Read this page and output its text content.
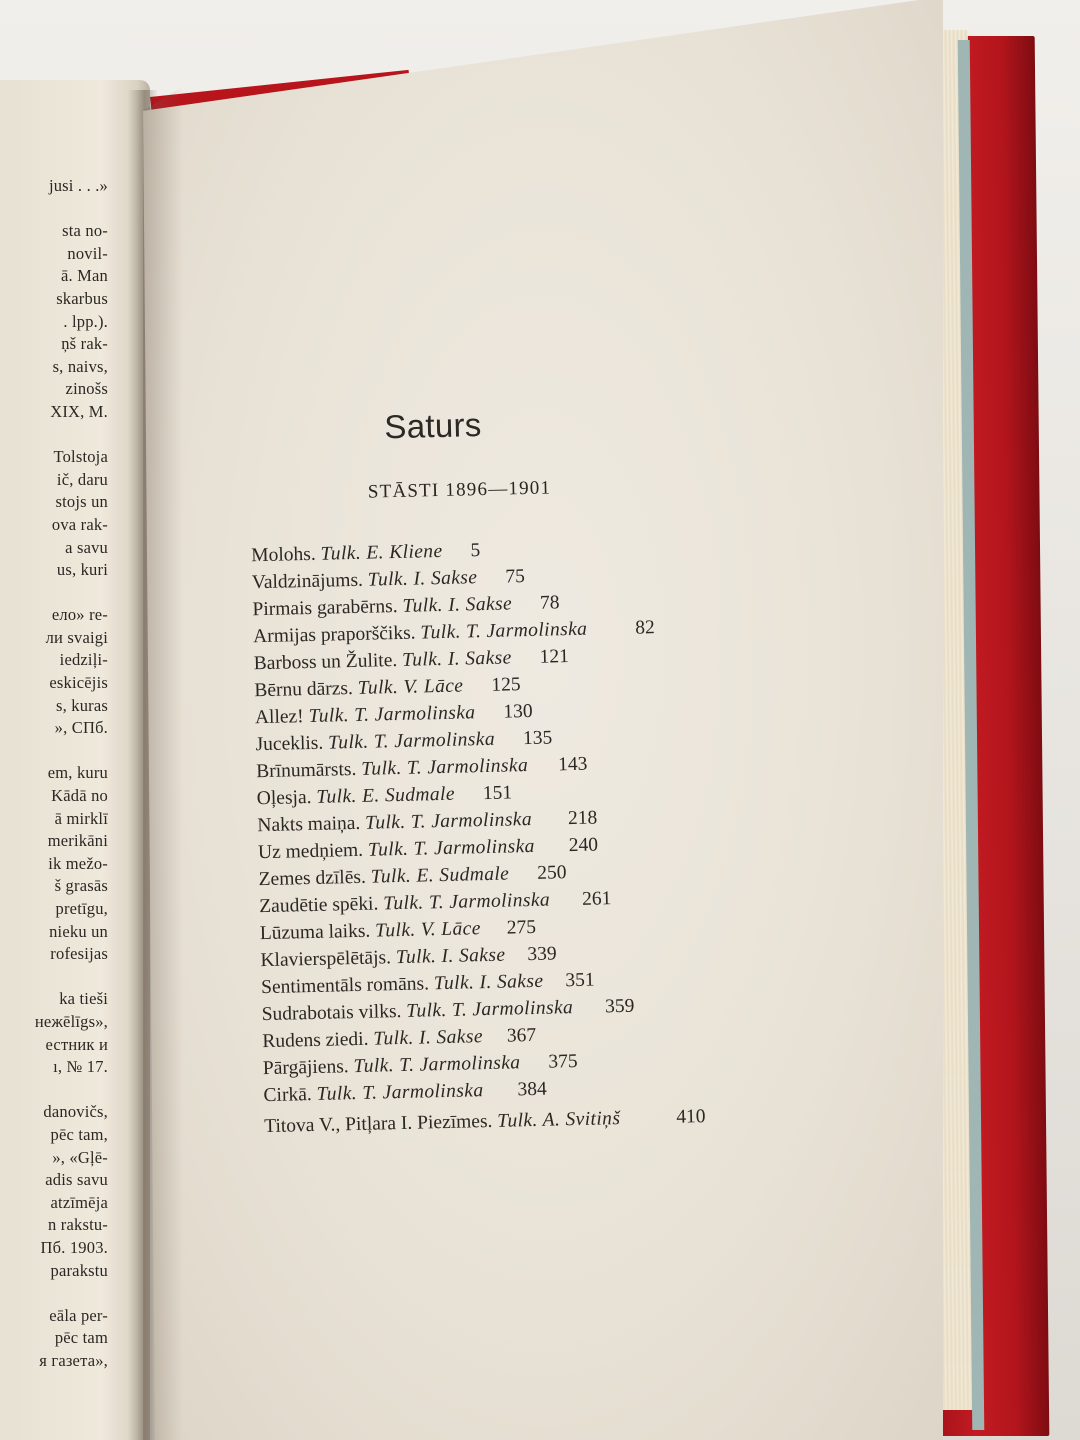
jusi . . .»

sta no-
novil-
ā. Man
skarbus
. lpp.).
ņš rak-
s, naivs,
zinošs
XIX, M.

Tolstoja
ič, daru
stojs un
ova rak-
a savu
us, kuri

ело» re-
ли svaigi
iedziļi-
eskicējis
s, kuras
», СПб.

em, kuru
Kādā no
ā mirklī
merikāni
ik mežo-
š grasās
pretīgu,
nieku un
rofesijas

ka tieši
нежēlīgs»,
естник и
ı, № 17.

danovičs,
pēc tam,
», «Gļē-
adis savu
atzīmēja
n rakstu-
Пб. 1903.
parakstu

eāla per-
pēc tam
я газета»,
Saturs
STĀSTI 1896—1901
Molohs. Tulk. E. Kliene 5
Valdzinājums. Tulk. I. Sakse 75
Pirmais garabērns. Tulk. I. Sakse 78
Armijas praporščiks. Tulk. T. Jarmolinska 82
Barboss un Žulite. Tulk. I. Sakse 121
Bērnu dārzs. Tulk. V. Lāce 125
Allez! Tulk. T. Jarmolinska 130
Juceklis. Tulk. T. Jarmolinska 135
Brīnumārsts. Tulk. T. Jarmolinska 143
Oļesja. Tulk. E. Sudmale 151
Nakts maiņa. Tulk. T. Jarmolinska 218
Uz medņiem. Tulk. T. Jarmolinska 240
Zemes dzīlēs. Tulk. E. Sudmale 250
Zaudētie spēki. Tulk. T. Jarmolinska 261
Lūzuma laiks. Tulk. V. Lāce 275
Klavierspēlētājs. Tulk. I. Sakse 339
Sentimentāls romāns. Tulk. I. Sakse 351
Sudrabotais vilks. Tulk. T. Jarmolinska 359
Rudens ziedi. Tulk. I. Sakse 367
Pārgājiens. Tulk. T. Jarmolinska 375
Cirkā. Tulk. T. Jarmolinska 384
Titova V., Pitļara I. Piezīmes. Tulk. A. Svitiņš	410
